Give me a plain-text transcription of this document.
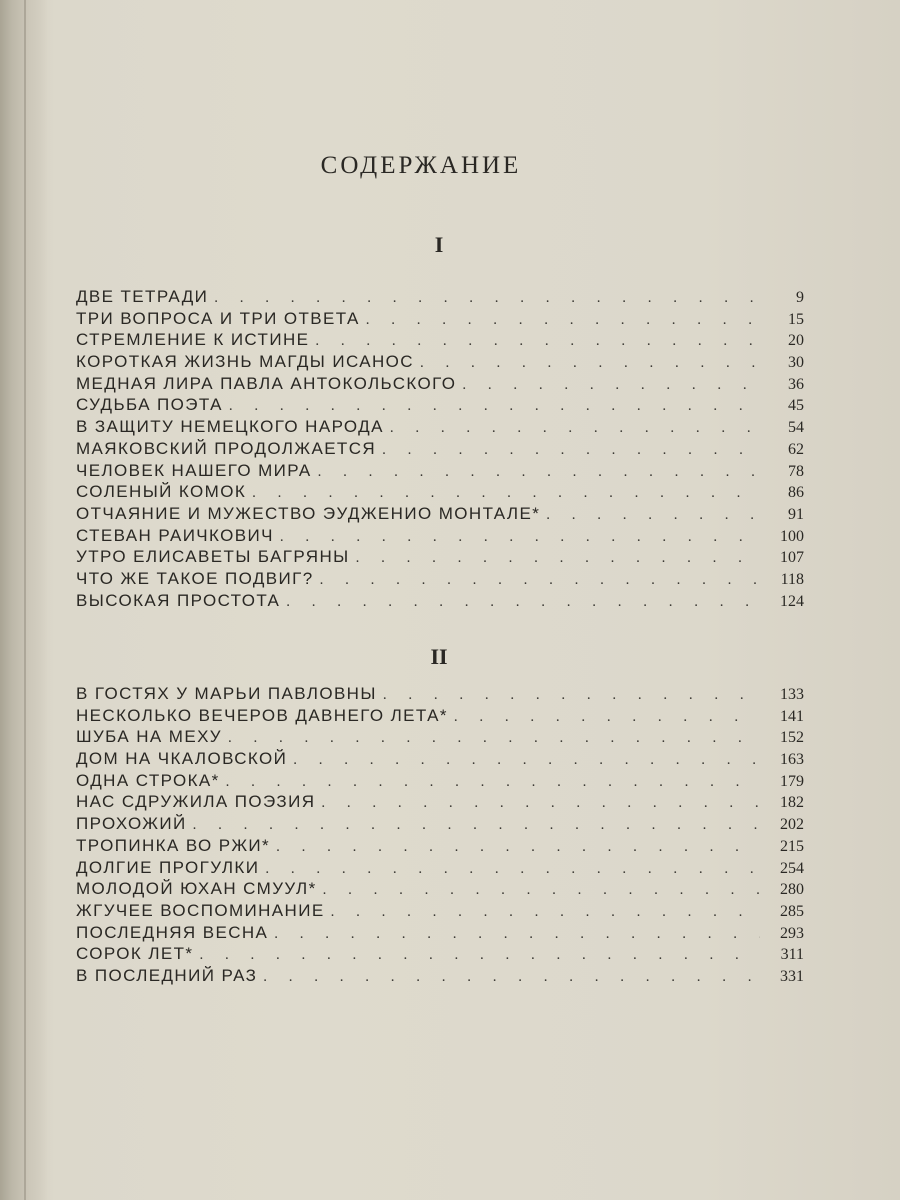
СОДЕРЖАНИЕ
I
ДВЕ ТЕТРАДИ . . .	9
ТРИ ВОПРОСА И ТРИ ОТВЕТА . . .	15
СТРЕМЛЕНИЕ К ИСТИНЕ . . .	20
КОРОТКАЯ ЖИЗНЬ МАГДЫ ИСАНОС . . .	30
МЕДНАЯ ЛИРА ПАВЛА АНТОКОЛЬСКОГО . . .	36
СУДЬБА ПОЭТА . . .	45
В ЗАЩИТУ НЕМЕЦКОГО НАРОДА . . .	54
МАЯКОВСКИЙ ПРОДОЛЖАЕТСЯ . . .	62
ЧЕЛОВЕК НАШЕГО МИРА . . .	78
СОЛЕНЫЙ КОМОК . . .	86
ОТЧАЯНИЕ И МУЖЕСТВО ЭУДЖЕНИО МОНТАЛЕ* . . .	91
СТЕВАН РАИЧКОВИЧ . . .	100
УТРО ЕЛИСАВЕТЫ БАГРЯНЫ . . .	107
ЧТО ЖЕ ТАКОЕ ПОДВИГ? . . .	118
ВЫСОКАЯ ПРОСТОТА . . .	124
II
В ГОСТЯХ У МАРЬИ ПАВЛОВНЫ . . .	133
НЕСКОЛЬКО ВЕЧЕРОВ ДАВНЕГО ЛЕТА* . . .	141
ШУБА НА МЕХУ . . .	152
ДОМ НА ЧКАЛОВСКОЙ . . .	163
ОДНА СТРОКА* . . .	179
НАС СДРУЖИЛА ПОЭЗИЯ . . .	182
ПРОХОЖИЙ . . .	202
ТРОПИНКА ВО РЖИ* . . .	215
ДОЛГИЕ ПРОГУЛКИ . . .	254
МОЛОДОЙ ЮХАН СМУУЛ* . . .	280
ЖГУЧЕЕ ВОСПОМИНАНИЕ . . .	285
ПОСЛЕДНЯЯ ВЕСНА . . .	293
СОРОК ЛЕТ* . . .	311
В ПОСЛЕДНИЙ РАЗ . . .	331
